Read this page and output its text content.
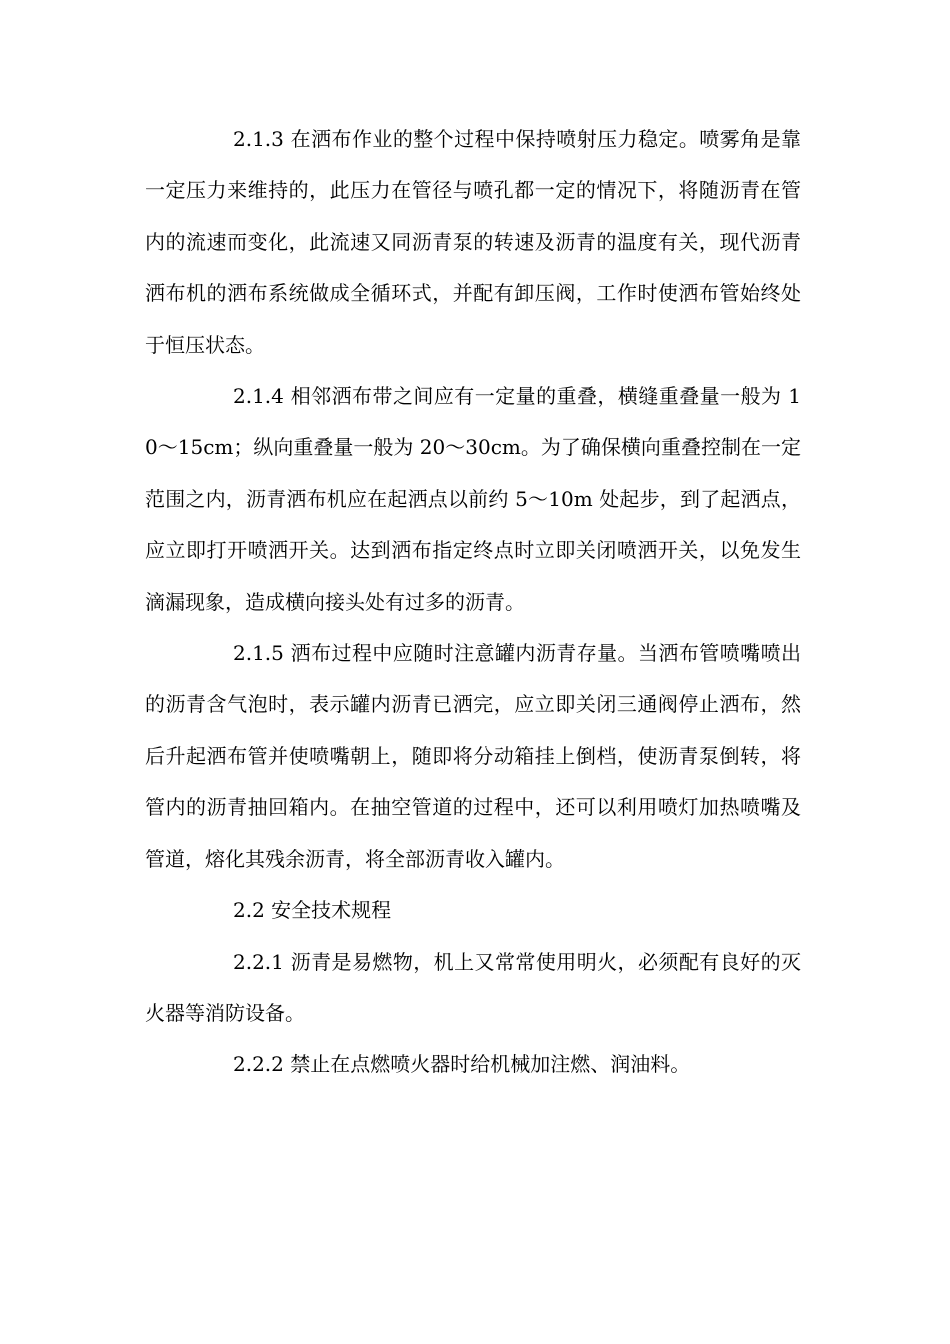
2.1.3 在洒布作业的整个过程中保持喷射压力稳定。喷雾角是靠一定压力来维持的，此压力在管径与喷孔都一定的情况下，将随沥青在管内的流速而变化，此流速又同沥青泵的转速及沥青的温度有关，现代沥青洒布机的洒布系统做成全循环式，并配有卸压阀，工作时使洒布管始终处于恒压状态。

2.1.4 相邻洒布带之间应有一定量的重叠，横缝重叠量一般为 10～15cm；纵向重叠量一般为 20～30cm。为了确保横向重叠控制在一定范围之内，沥青洒布机应在起洒点以前约 5～10m 处起步，到了起洒点，应立即打开喷洒开关。达到洒布指定终点时立即关闭喷洒开关，以免发生滴漏现象，造成横向接头处有过多的沥青。

2.1.5 洒布过程中应随时注意罐内沥青存量。当洒布管喷嘴喷出的沥青含气泡时，表示罐内沥青已洒完，应立即关闭三通阀停止洒布，然后升起洒布管并使喷嘴朝上，随即将分动箱挂上倒档，使沥青泵倒转，将管内的沥青抽回箱内。在抽空管道的过程中，还可以利用喷灯加热喷嘴及管道，熔化其残余沥青，将全部沥青收入罐内。

2.2 安全技术规程

2.2.1 沥青是易燃物，机上又常常使用明火，必须配有良好的灭火器等消防设备。

2.2.2 禁止在点燃喷火器时给机械加注燃、润油料。
